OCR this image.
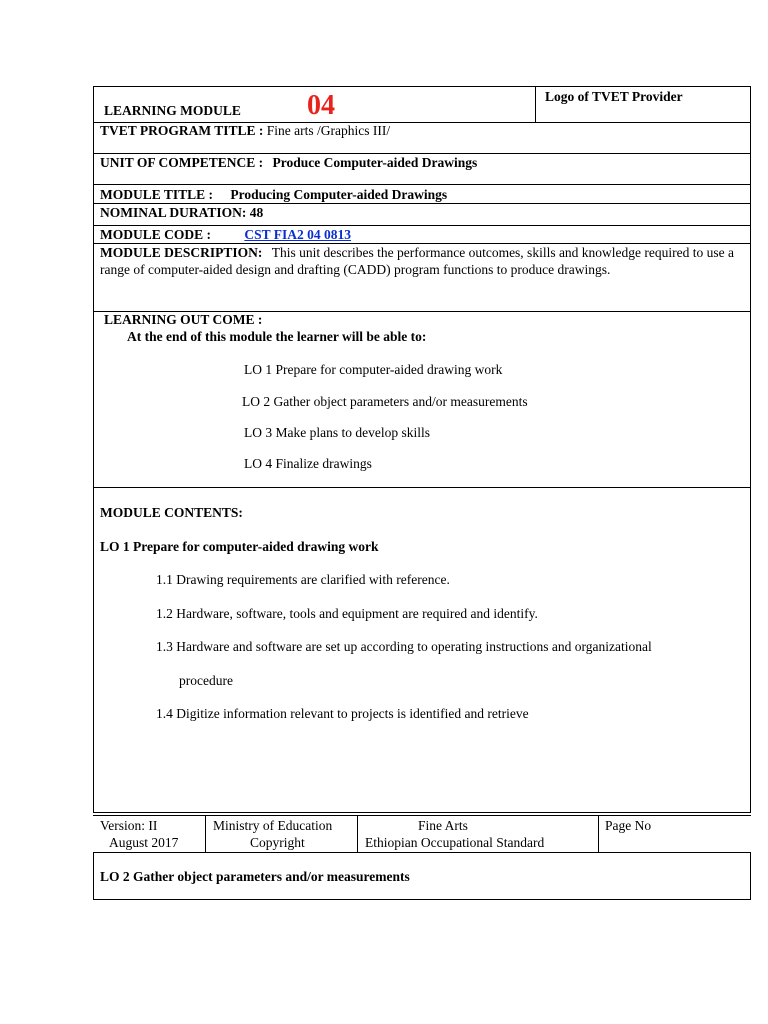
LEARNING MODULE 04	Logo of TVET Provider
TVET PROGRAM TITLE : Fine arts /Graphics III/
UNIT OF COMPETENCE : Produce Computer-aided Drawings
MODULE TITLE : Producing Computer-aided Drawings
NOMINAL DURATION: 48
MODULE CODE : CST FIA2 04 0813
MODULE DESCRIPTION: This unit describes the performance outcomes, skills and knowledge required to use a range of computer-aided design and drafting (CADD) program functions to produce drawings.
LEARNING OUT COME :
At the end of this module the learner will be able to:
LO 1 Prepare for computer-aided drawing work
LO 2 Gather object parameters and/or measurements
LO 3 Make plans to develop skills
LO 4 Finalize drawings
MODULE CONTENTS:
LO 1 Prepare for computer-aided drawing work
1.1 Drawing requirements are clarified with reference.
1.2 Hardware, software, tools and equipment are required and identify.
1.3 Hardware and software are set up according to operating instructions and organizational
procedure
1.4 Digitize information relevant to projects is identified and retrieve
Version: II
August 2017
Ministry of Education
Copyright
Fine Arts
Ethiopian Occupational Standard
Page No
LO 2 Gather object parameters and/or measurements
